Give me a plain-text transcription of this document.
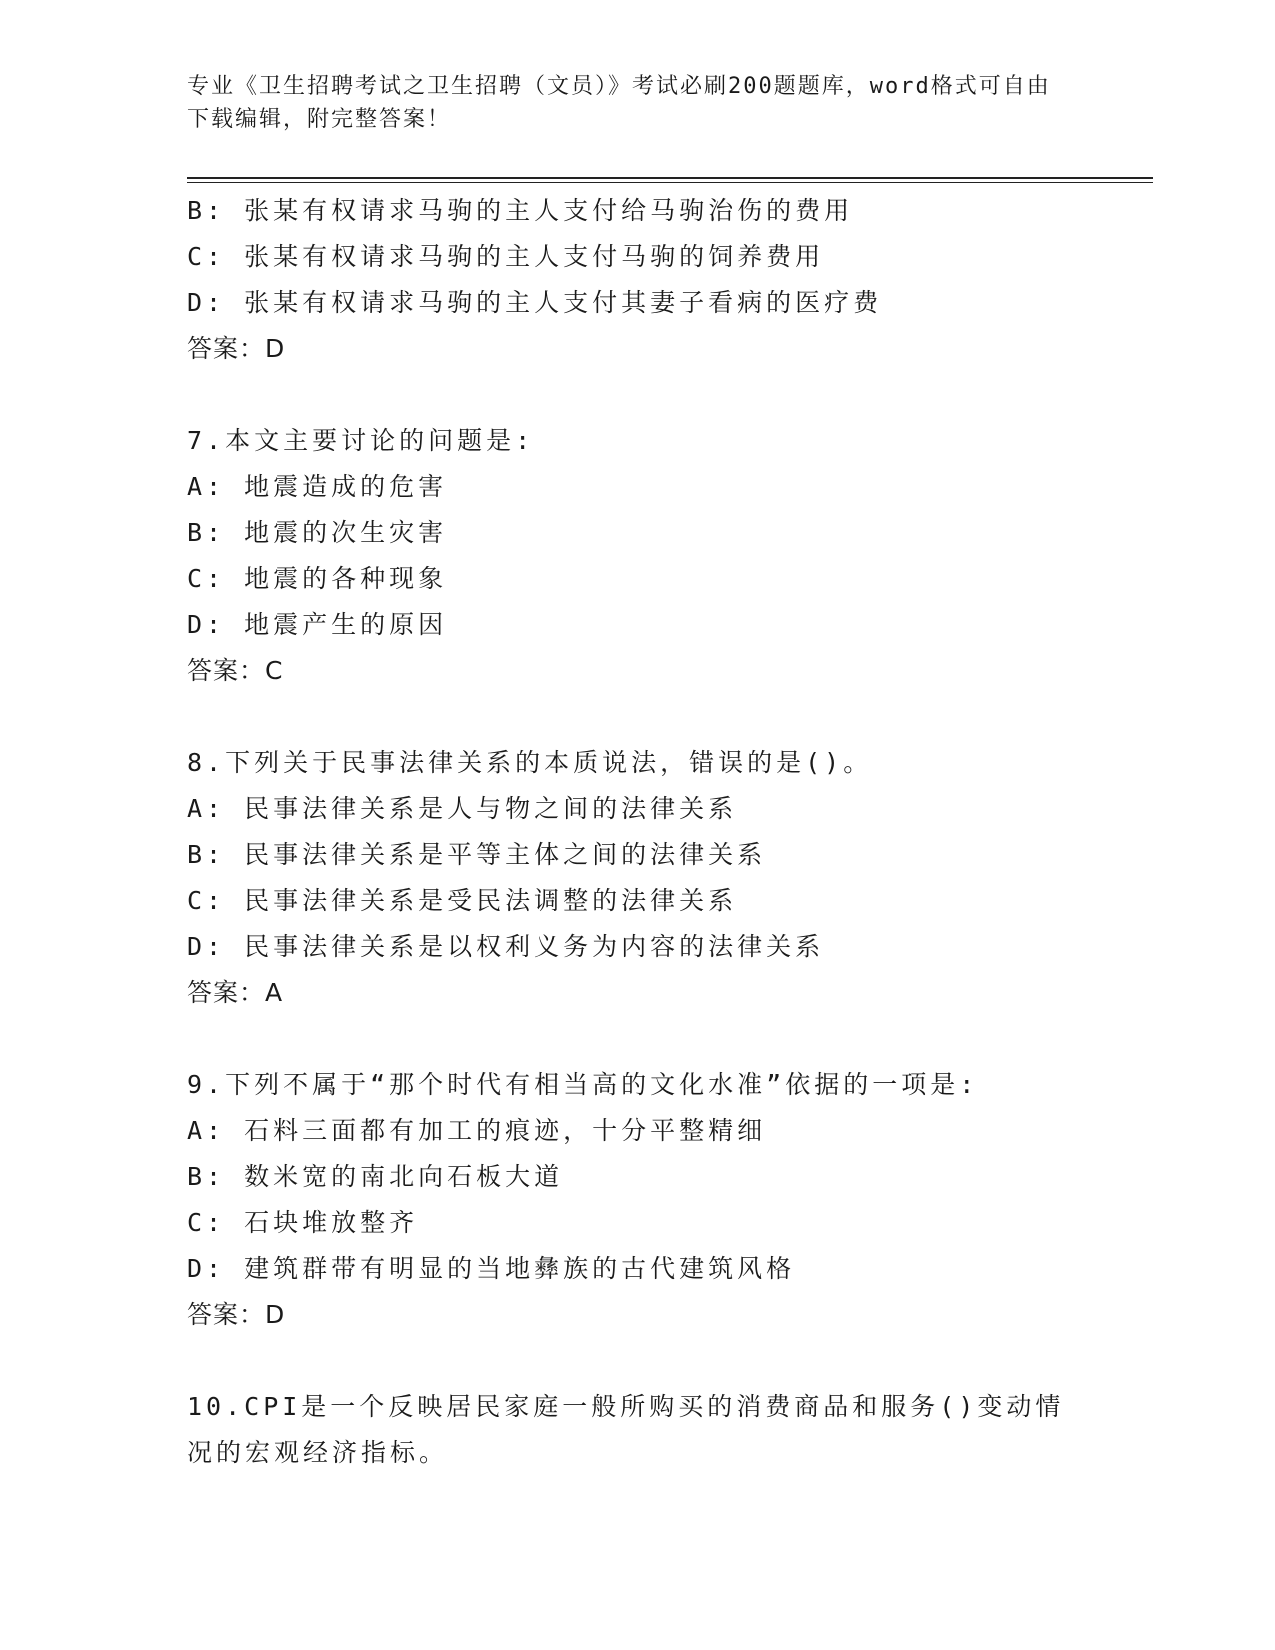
专业《卫生招聘考试之卫生招聘（文员）》考试必刷200题题库，word格式可自由下载编辑，附完整答案！
B: 张某有权请求马驹的主人支付给马驹治伤的费用
C: 张某有权请求马驹的主人支付马驹的饲养费用
D: 张某有权请求马驹的主人支付其妻子看病的医疗费
答案：D
7.本文主要讨论的问题是:
A: 地震造成的危害
B: 地震的次生灾害
C: 地震的各种现象
D: 地震产生的原因
答案：C
8.下列关于民事法律关系的本质说法，错误的是()。
A: 民事法律关系是人与物之间的法律关系
B: 民事法律关系是平等主体之间的法律关系
C: 民事法律关系是受民法调整的法律关系
D: 民事法律关系是以权利义务为内容的法律关系
答案：A
9.下列不属于“那个时代有相当高的文化水准”依据的一项是:
A: 石料三面都有加工的痕迹，十分平整精细
B: 数米宽的南北向石板大道
C: 石块堆放整齐
D: 建筑群带有明显的当地彝族的古代建筑风格
答案：D
10.CPI是一个反映居民家庭一般所购买的消费商品和服务()变动情况的宏观经济指标。
